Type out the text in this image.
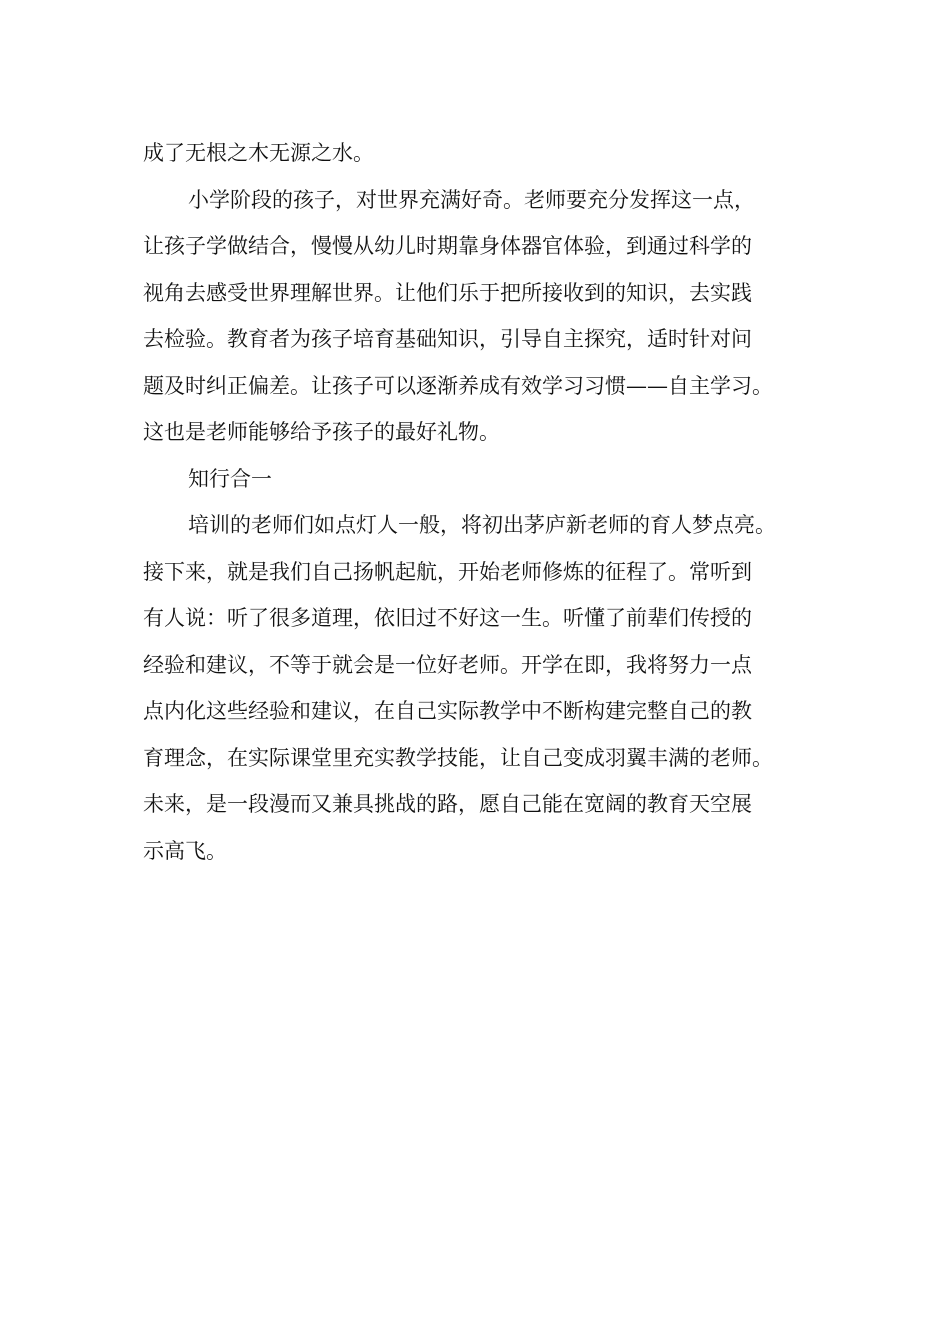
成了无根之木无源之水。
小学阶段的孩子，对世界充满好奇。老师要充分发挥这一点，
让孩子学做结合，慢慢从幼儿时期靠身体器官体验，到通过科学的
视角去感受世界理解世界。让他们乐于把所接收到的知识，去实践
去检验。教育者为孩子培育基础知识，引导自主探究，适时针对问
题及时纠正偏差。让孩子可以逐渐养成有效学习习惯——自主学习。
这也是老师能够给予孩子的最好礼物。
知行合一
培训的老师们如点灯人一般，将初出茅庐新老师的育人梦点亮。
接下来，就是我们自己扬帆起航，开始老师修炼的征程了。常听到
有人说：听了很多道理，依旧过不好这一生。听懂了前辈们传授的
经验和建议，不等于就会是一位好老师。开学在即，我将努力一点
点内化这些经验和建议，在自己实际教学中不断构建完整自己的教
育理念，在实际课堂里充实教学技能，让自己变成羽翼丰满的老师。
未来，是一段漫而又兼具挑战的路，愿自己能在宽阔的教育天空展
示高飞。
